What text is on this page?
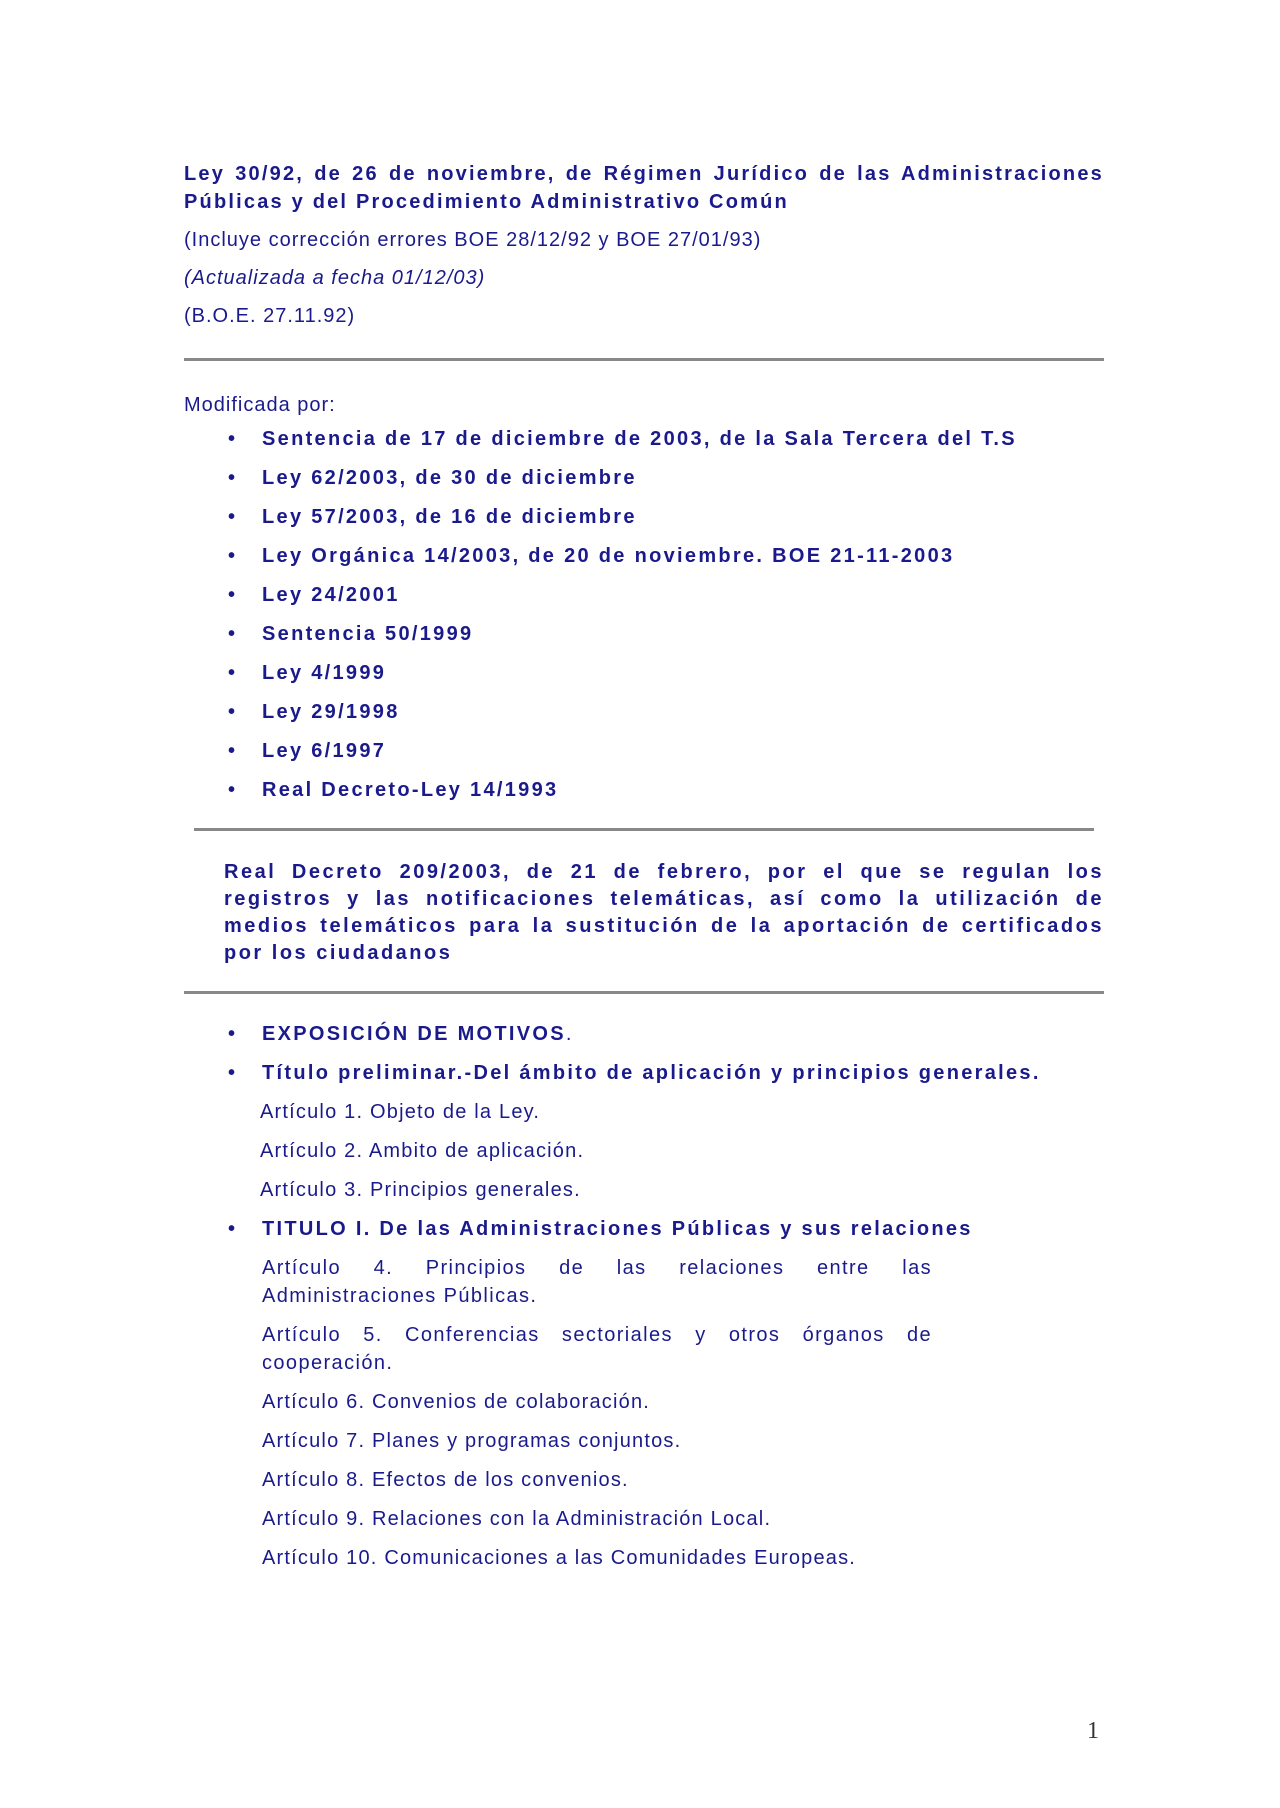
Ley 30/92, de 26 de noviembre, de Régimen Jurídico de las Administraciones Públicas y del Procedimiento Administrativo Común

(Incluye corrección errores BOE 28/12/92 y BOE 27/01/93)

(Actualizada a fecha 01/12/03)

(B.O.E. 27.11.92)

Modificada por:

• Sentencia de 17 de diciembre de 2003, de la Sala Tercera del T.S
• Ley 62/2003, de 30 de diciembre
• Ley 57/2003, de 16 de diciembre
• Ley Orgánica 14/2003, de 20 de noviembre. BOE 21-11-2003
• Ley 24/2001
• Sentencia 50/1999
• Ley 4/1999
• Ley 29/1998
• Ley 6/1997
• Real Decreto-Ley 14/1993

Real Decreto 209/2003, de 21 de febrero, por el que se regulan los registros y las notificaciones telemáticas, así como la utilización de medios telemáticos para la sustitución de la aportación de certificados por los ciudadanos

• EXPOSICIÓN DE MOTIVOS.
• Título preliminar.-Del ámbito de aplicación y principios generales.

Artículo 1. Objeto de la Ley.

Artículo 2. Ambito de aplicación.

Artículo 3. Principios generales.

• TITULO I. De las Administraciones Públicas y sus relaciones

Artículo 4. Principios de las relaciones entre las Administraciones Públicas.

Artículo 5. Conferencias sectoriales y otros órganos de cooperación.

Artículo 6. Convenios de colaboración.

Artículo 7. Planes y programas conjuntos.

Artículo 8. Efectos de los convenios.

Artículo 9. Relaciones con la Administración Local.

Artículo 10. Comunicaciones a las Comunidades Europeas.

1
